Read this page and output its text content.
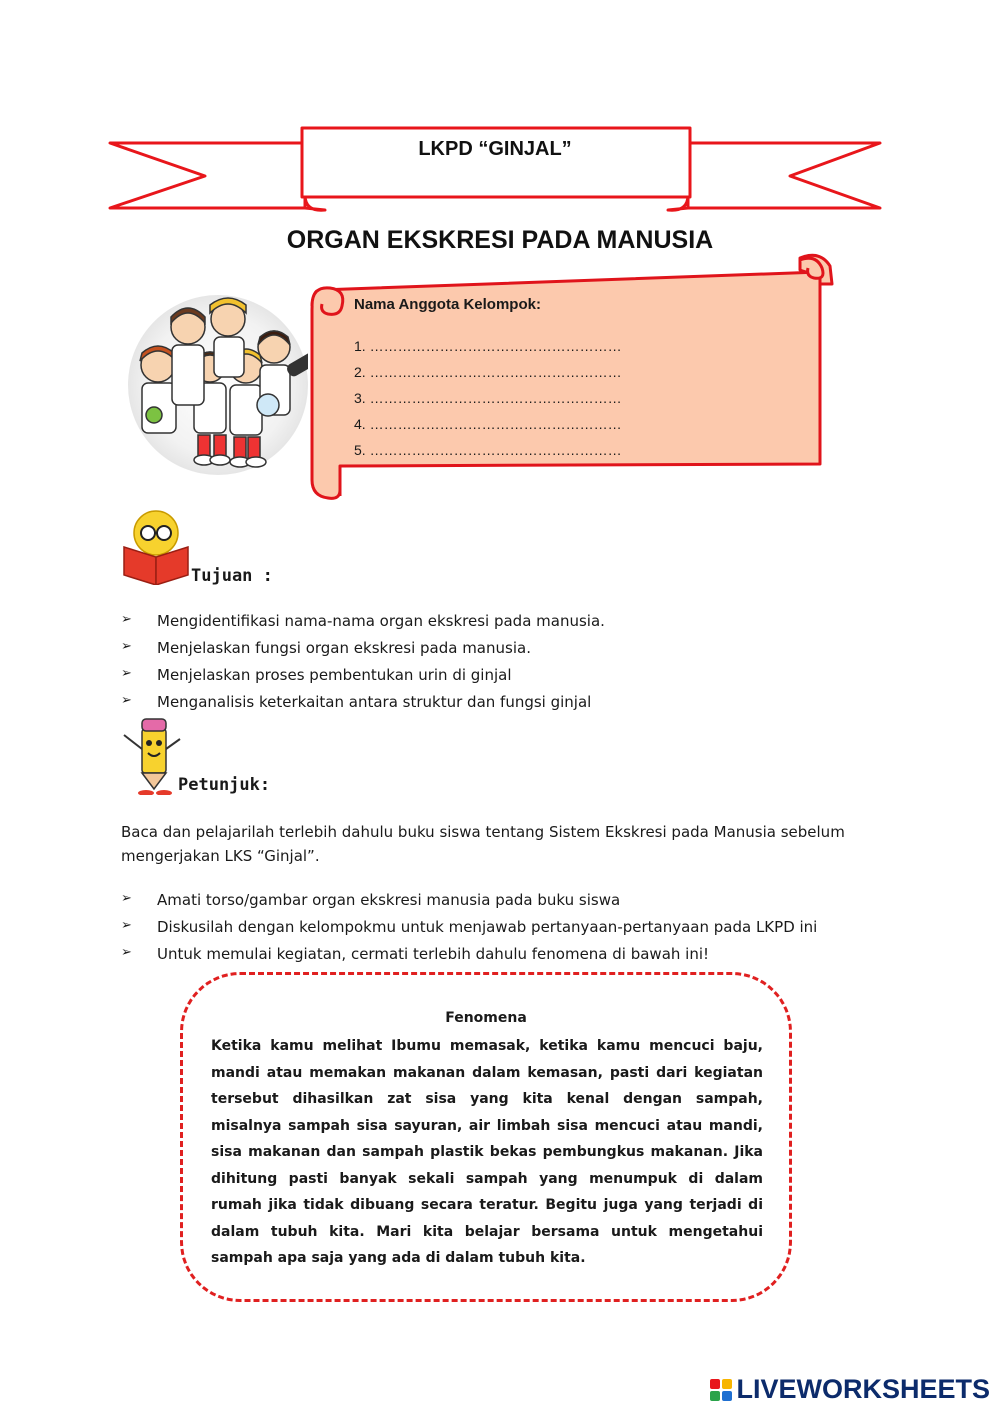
LKPD “GINJAL”
ORGAN EKSKRESI PADA MANUSIA
Nama Anggota Kelompok:
1. ………………………………………………
2. ………………………………………………
3. ………………………………………………
4. ………………………………………………
5. ………………………………………………
Tujuan :
➢ Mengidentifikasi nama-nama organ ekskresi pada manusia.
➢ Menjelaskan fungsi organ ekskresi pada manusia.
➢ Menjelaskan proses pembentukan urin di ginjal
➢ Menganalisis keterkaitan antara struktur dan fungsi ginjal
Petunjuk:
Baca dan pelajarilah terlebih dahulu buku siswa tentang Sistem Ekskresi pada Manusia sebelum mengerjakan LKS “Ginjal”.
➢ Amati torso/gambar organ ekskresi manusia pada buku siswa
➢ Diskusilah dengan kelompokmu untuk menjawab pertanyaan-pertanyaan pada LKPD ini
➢ Untuk memulai kegiatan, cermati terlebih dahulu fenomena di bawah ini!
Fenomena
Ketika kamu melihat Ibumu memasak, ketika kamu mencuci baju, mandi atau memakan makanan dalam kemasan, pasti dari kegiatan tersebut dihasilkan zat sisa yang kita kenal dengan sampah, misalnya sampah sisa sayuran, air limbah sisa mencuci atau mandi, sisa makanan dan sampah plastik bekas pembungkus makanan. Jika dihitung pasti banyak sekali sampah yang menumpuk di dalam rumah jika tidak dibuang secara teratur. Begitu juga yang terjadi di dalam tubuh kita. Mari kita belajar bersama untuk mengetahui sampah apa saja yang ada di dalam tubuh kita.
LIVEWORKSHEETS
